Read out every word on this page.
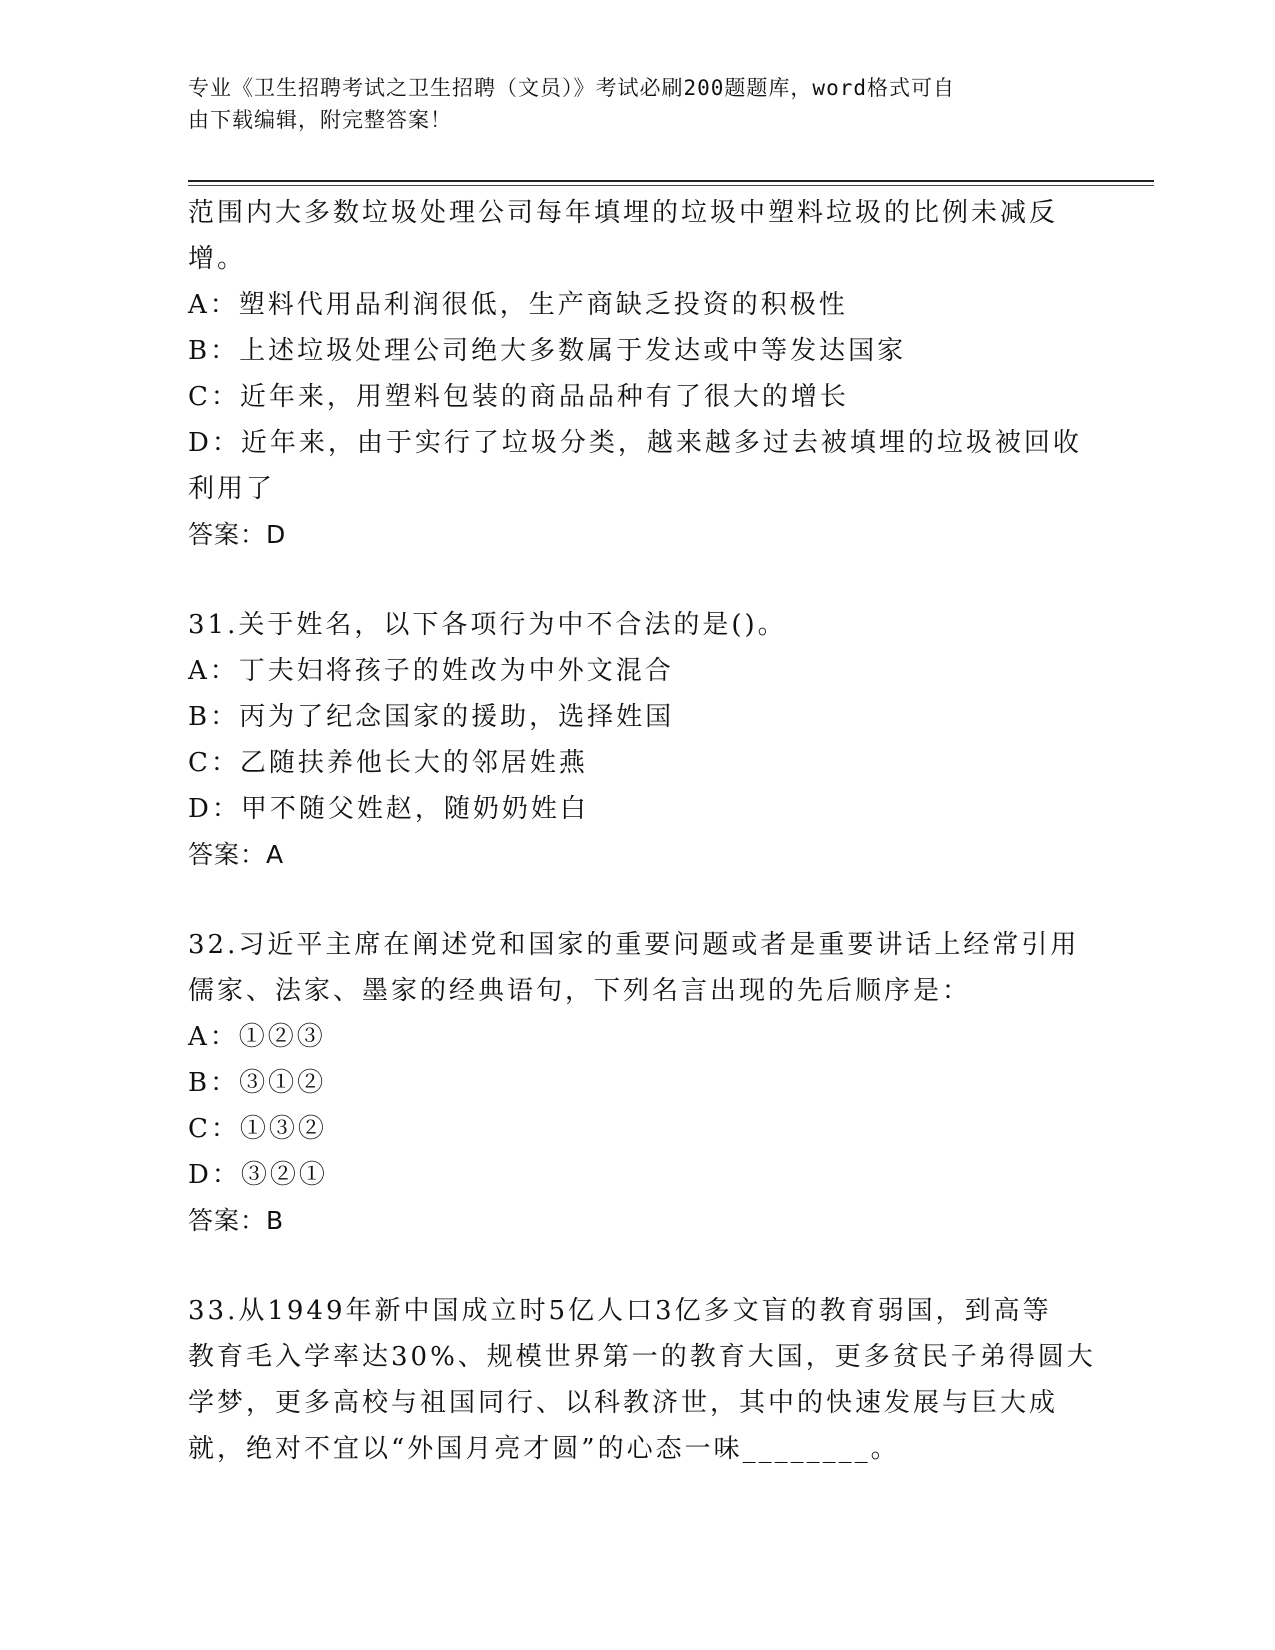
专业《卫生招聘考试之卫生招聘（文员）》考试必刷200题题库，word格式可自
由下载编辑，附完整答案！
范围内大多数垃圾处理公司每年填埋的垃圾中塑料垃圾的比例未减反
增。
A：塑料代用品利润很低，生产商缺乏投资的积极性
B：上述垃圾处理公司绝大多数属于发达或中等发达国家
C：近年来，用塑料包装的商品品种有了很大的增长
D：近年来，由于实行了垃圾分类，越来越多过去被填埋的垃圾被回收
利用了
答案：D
31.关于姓名，以下各项行为中不合法的是()。
A：丁夫妇将孩子的姓改为中外文混合
B：丙为了纪念国家的援助，选择姓国
C：乙随扶养他长大的邻居姓燕
D：甲不随父姓赵，随奶奶姓白
答案：A
32.习近平主席在阐述党和国家的重要问题或者是重要讲话上经常引用
儒家、法家、墨家的经典语句，下列名言出现的先后顺序是：
A：①②③
B：③①②
C：①③②
D：③②①
答案：B
33.从1949年新中国成立时5亿人口3亿多文盲的教育弱国，到高等
教育毛入学率达30%、规模世界第一的教育大国，更多贫民子弟得圆大
学梦，更多高校与祖国同行、以科教济世，其中的快速发展与巨大成
就，绝对不宜以“外国月亮才圆”的心态一味________。
